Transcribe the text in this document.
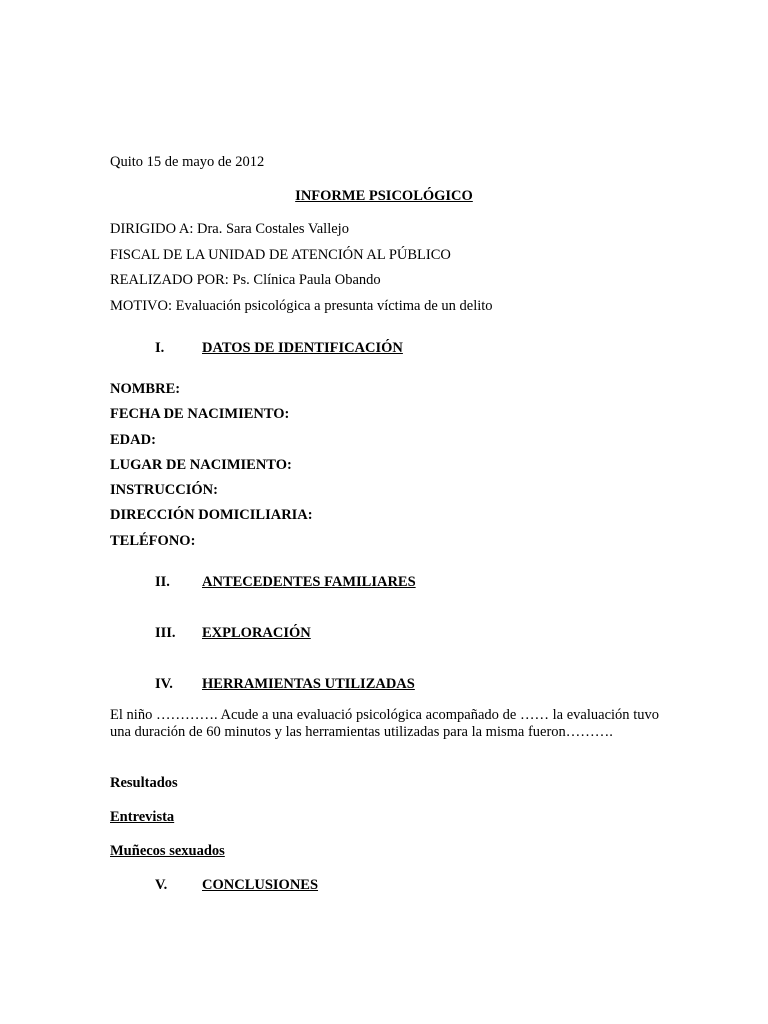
Quito 15 de mayo de 2012
INFORME PSICOLÓGICO
DIRIGIDO A: Dra. Sara Costales Vallejo
FISCAL DE LA UNIDAD DE ATENCIÓN AL PÚBLICO
REALIZADO POR: Ps. Clínica Paula Obando
MOTIVO: Evaluación psicológica a presunta víctima de un delito
I.	DATOS DE IDENTIFICACIÓN
NOMBRE:
FECHA DE NACIMIENTO:
EDAD:
LUGAR DE NACIMIENTO:
INSTRUCCIÓN:
DIRECCIÓN DOMICILIARIA:
TELÉFONO:
II. ANTECEDENTES FAMILIARES
III. EXPLORACIÓN
IV. HERRAMIENTAS UTILIZADAS
El niño …………. Acude a una evaluació psicológica acompañado de …… la evaluación tuvo una duración de 60 minutos y las herramientas utilizadas para la misma fueron……….
Resultados
Entrevista
Muñecos sexuados
V. CONCLUSIONES
